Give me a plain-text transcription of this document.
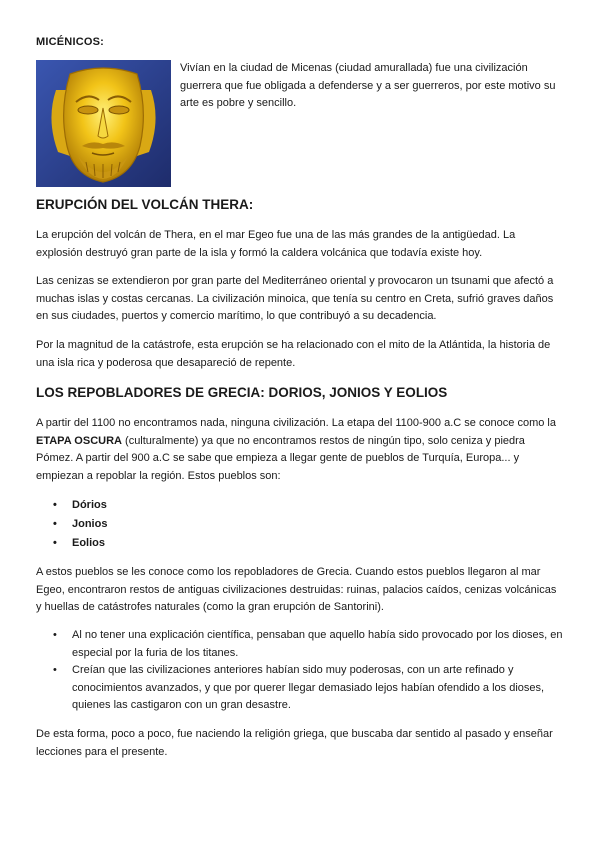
MICÉNICOS:

Vivían en la ciudad de Micenas (ciudad amurallada) fue una civilización guerrera que fue obligada a defenderse y a ser guerreros, por este motivo su arte es pobre y sencillo.

ERUPCIÓN DEL VOLCÁN THERA:

La erupción del volcán de Thera, en el mar Egeo fue una de las más grandes de la antigüedad. La explosión destruyó gran parte de la isla y formó la caldera volcánica que todavía existe hoy.

Las cenizas se extendieron por gran parte del Mediterráneo oriental y provocaron un tsunami que afectó a muchas islas y costas cercanas. La civilización minoica, que tenía su centro en Creta, sufrió graves daños en sus ciudades, puertos y comercio marítimo, lo que contribuyó a su decadencia.

Por la magnitud de la catástrofe, esta erupción se ha relacionado con el mito de la Atlántida, la historia de una isla rica y poderosa que desapareció de repente.

LOS REPOBLADORES DE GRECIA: DORIOS, JONIOS Y EOLIOS

A partir del 1100 no encontramos nada, ninguna civilización. La etapa del 1100-900 a.C se conoce como la ETAPA OSCURA (culturalmente) ya que no encontramos restos de ningún tipo, solo ceniza y piedra Pómez. A partir del 900 a.C se sabe que empieza a llegar gente de pueblos de Turquía, Europa... y empiezan a repoblar la región. Estos pueblos son:

• Dórios
• Jonios
• Eolios

A estos pueblos se les conoce como los repobladores de Grecia. Cuando estos pueblos llegaron al mar Egeo, encontraron restos de antiguas civilizaciones destruidas: ruinas, palacios caídos, cenizas volcánicas y huellas de catástrofes naturales (como la gran erupción de Santorini).

• Al no tener una explicación científica, pensaban que aquello había sido provocado por los dioses, en especial por la furia de los titanes.
• Creían que las civilizaciones anteriores habían sido muy poderosas, con un arte refinado y conocimientos avanzados, y que por querer llegar demasiado lejos habían ofendido a los dioses, quienes las castigaron con un gran desastre.

De esta forma, poco a poco, fue naciendo la religión griega, que buscaba dar sentido al pasado y enseñar lecciones para el presente.
